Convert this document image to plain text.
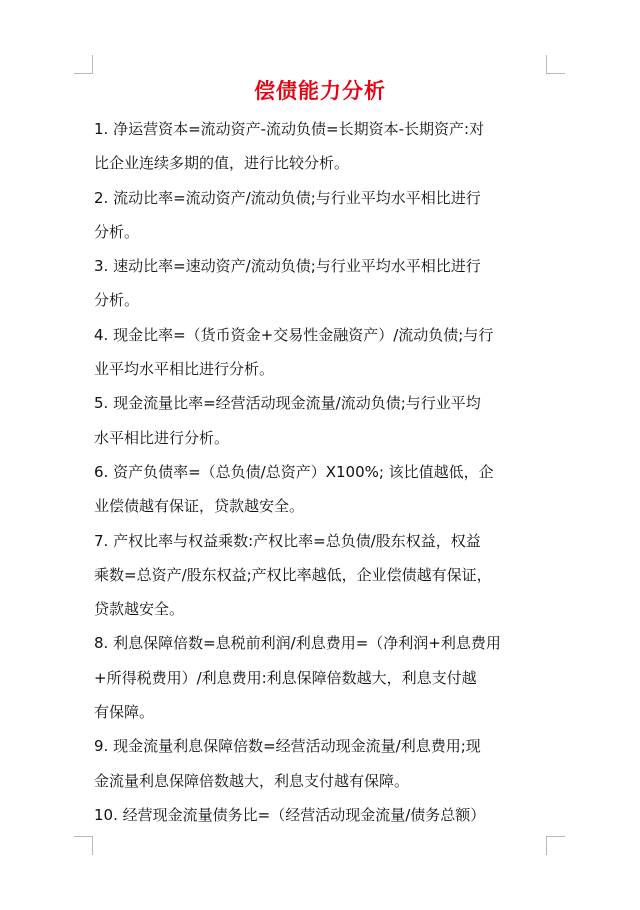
偿债能力分析

1. 净运营资本=流动资产-流动负债=长期资本-长期资产:对

比企业连续多期的值，进行比较分析。

2. 流动比率=流动资产/流动负债;与行业平均水平相比进行

分析。

3. 速动比率=速动资产/流动负债;与行业平均水平相比进行

分析。

4. 现金比率=（货币资金+交易性金融资产）/流动负债;与行

业平均水平相比进行分析。

5. 现金流量比率=经营活动现金流量/流动负债;与行业平均

水平相比进行分析。

6. 资产负债率=（总负债/总资产）X100%; 该比值越低，企

业偿债越有保证，贷款越安全。

7. 产权比率与权益乘数:产权比率=总负债/股东权益，权益

乘数=总资产/股东权益;产权比率越低，企业偿债越有保证，

贷款越安全。

8. 利息保障倍数=息税前利润/利息费用=（净利润+利息费用

+所得税费用）/利息费用:利息保障倍数越大，利息支付越

有保障。

9. 现金流量利息保障倍数=经营活动现金流量/利息费用;现

金流量利息保障倍数越大，利息支付越有保障。

10. 经营现金流量债务比=（经营活动现金流量/债务总额）
